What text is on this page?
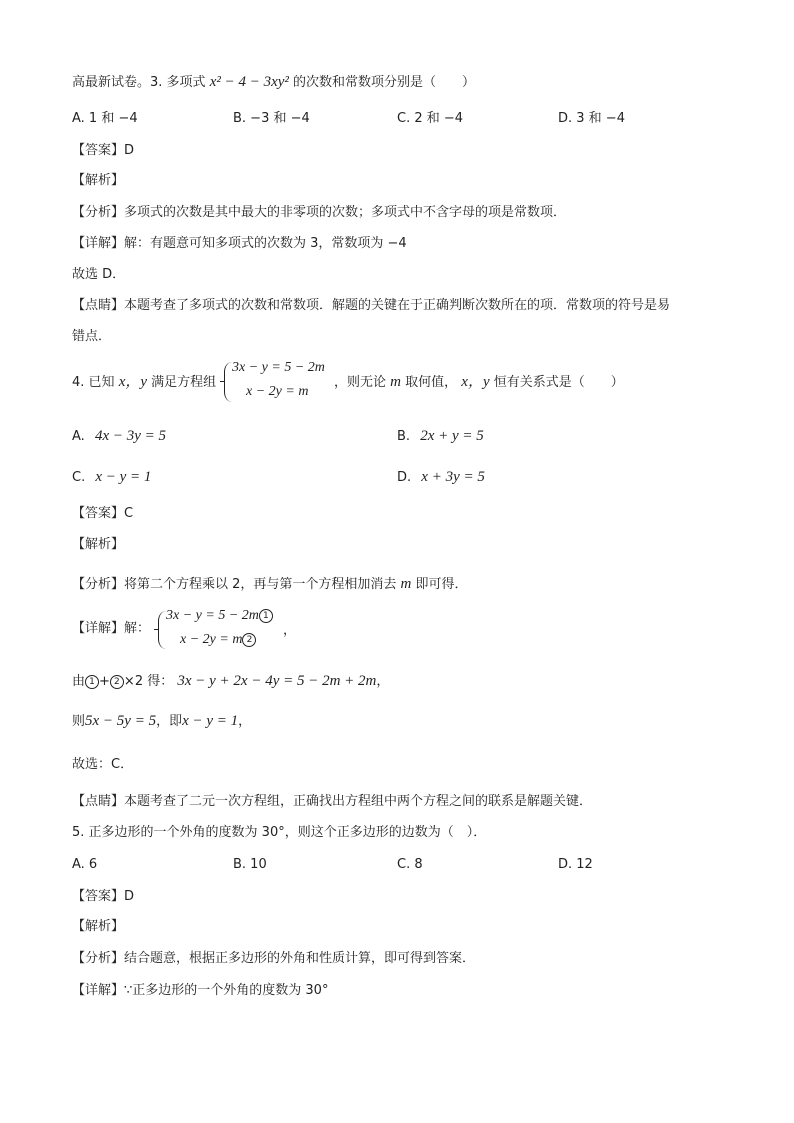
高最新试卷。3. 多项式 x² − 4 − 3xy² 的次数和常数项分别是（　　）
A. 1 和 −4	B. −3 和 −4	C. 2 和 −4	D. 3 和 −4
【答案】D
【解析】
【分析】多项式的次数是其中最大的非零项的次数；多项式中不含字母的项是常数项．
【详解】解：有题意可知多项式的次数为 3，常数项为 −4
故选 D．
【点睛】本题考查了多项式的次数和常数项．解题的关键在于正确判断次数所在的项．常数项的符号是易
错点．
4. 已知 x，y 满足方程组
3x − y = 5 − 2m
x − 2y = m
，则无论 m 取何值， x，y 恒有关系式是（　　）
A. 4x − 3y = 5	B. 2x + y = 5
C. x − y = 1	D. x + 3y = 5
【答案】C
【解析】
【分析】将第二个方程乘以 2，再与第一个方程相加消去 m 即可得．
【详解】解：
3x − y = 5 − 2m 1
x − 2y = m 2
，
由 1 + 2 ×2 得： 3x − y + 2x − 4y = 5 − 2m + 2m，
则5x − 5y = 5，即x − y = 1，
故选：C．
【点睛】本题考查了二元一次方程组，正确找出方程组中两个方程之间的联系是解题关键．
5. 正多边形的一个外角的度数为 30°，则这个正多边形的边数为（　）．
A. 6	B. 10	C. 8	D. 12
【答案】D
【解析】
【分析】结合题意，根据正多边形的外角和性质计算，即可得到答案．
【详解】∵正多边形的一个外角的度数为 30°
